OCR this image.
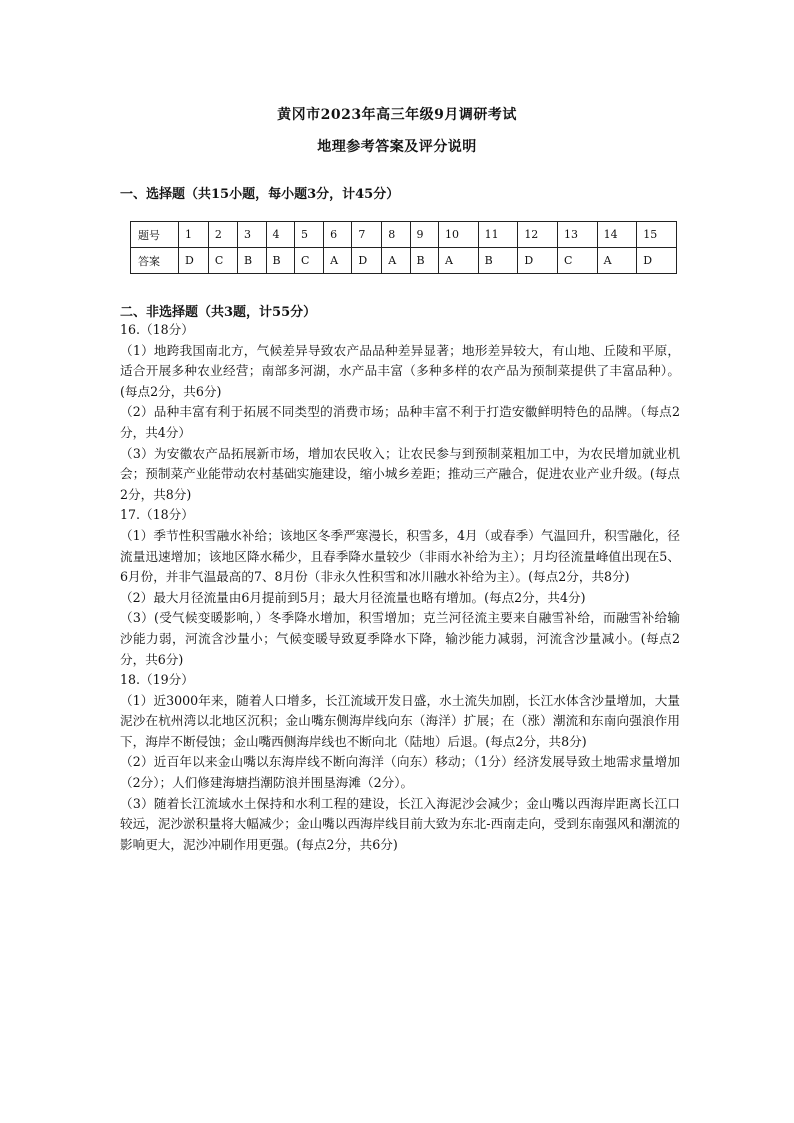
黄冈市2023年高三年级9月调研考试
地理参考答案及评分说明
一、选择题（共15小题，每小题3分，计45分）
题号	1	2	3	4	5	6	7	8	9	10	11	12	13	14	15
答案	D	C	B	B	C	A	D	A	B	A	B	D	C	A	D
二、非选择题（共3题，计55分）

16.（18分）

（1）地跨我国南北方，气候差异导致农产品品种差异显著；地形差异较大，有山地、丘陵和平原，适合开展多种农业经营；南部多河湖，水产品丰富（多种多样的农产品为预制菜提供了丰富品种）。(每点2分，共6分)

（2）品种丰富有利于拓展不同类型的消费市场；品种丰富不利于打造安徽鲜明特色的品牌。（每点2分，共4分）

（3）为安徽农产品拓展新市场，增加农民收入；让农民参与到预制菜粗加工中，为农民增加就业机会；预制菜产业能带动农村基础实施建设，缩小城乡差距；推动三产融合，促进农业产业升级。(每点2分，共8分)

17.（18分）

（1）季节性积雪融水补给；该地区冬季严寒漫长，积雪多，4月（或春季）气温回升，积雪融化，径流量迅速增加；该地区降水稀少，且春季降水量较少（非雨水补给为主）；月均径流量峰值出现在5、6月份，并非气温最高的7、8月份（非永久性积雪和冰川融水补给为主）。(每点2分，共8分)

（2）最大月径流量由6月提前到5月；最大月径流量也略有增加。(每点2分，共4分)

（3）(受气候变暖影响，）冬季降水增加，积雪增加；克兰河径流主要来自融雪补给，而融雪补给输沙能力弱，河流含沙量小；气候变暖导致夏季降水下降，输沙能力减弱，河流含沙量减小。(每点2分，共6分)

18.（19分）

（1）近3000年来，随着人口增多，长江流域开发日盛，水土流失加剧，长江水体含沙量增加，大量泥沙在杭州湾以北地区沉积；金山嘴东侧海岸线向东（海洋）扩展；在（涨）潮流和东南向强浪作用下，海岸不断侵蚀；金山嘴西侧海岸线也不断向北（陆地）后退。(每点2分，共8分)

（2）近百年以来金山嘴以东海岸线不断向海洋（向东）移动；（1分）经济发展导致土地需求量增加（2分）；人们修建海塘挡潮防浪并围垦海滩（2分）。

（3）随着长江流域水土保持和水利工程的建设，长江入海泥沙会减少；金山嘴以西海岸距离长江口较远，泥沙淤积量将大幅减少；金山嘴以西海岸线目前大致为东北-西南走向，受到东南强风和潮流的影响更大，泥沙冲刷作用更强。(每点2分，共6分)
